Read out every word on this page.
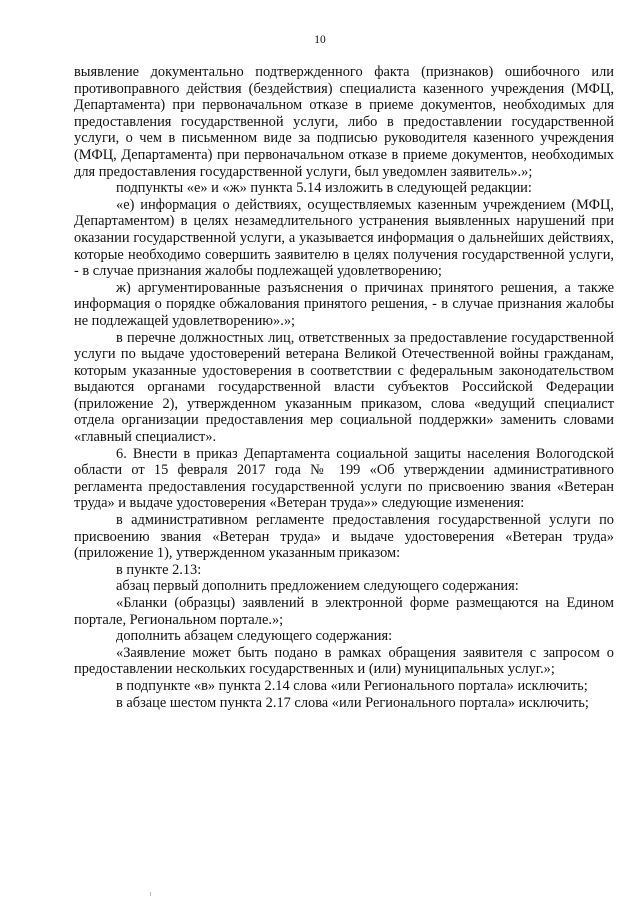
10

выявление документально подтвержденного факта (признаков) ошибочного или противоправного действия (бездействия) специалиста казенного учреждения (МФЦ, Департамента) при первоначальном отказе в приеме документов, необходимых для предоставления государственной услуги, либо в предоставлении государственной услуги, о чем в письменном виде за подписью руководителя казенного учреждения (МФЦ, Департамента) при первоначальном отказе в приеме документов, необходимых для предоставления государственной услуги, был уведомлен заявитель».»;

подпункты «е» и «ж» пункта 5.14 изложить в следующей редакции:

«е) информация о действиях, осуществляемых казенным учреждением (МФЦ, Департаментом) в целях незамедлительного устранения выявленных нарушений при оказании государственной услуги, а указывается информация о дальнейших действиях, которые необходимо совершить заявителю в целях получения государственной услуги, - в случае признания жалобы подлежащей удовлетворению;

ж) аргументированные разъяснения о причинах принятого решения, а также информация о порядке обжалования принятого решения, - в случае признания жалобы не подлежащей удовлетворению».»;

в перечне должностных лиц, ответственных за предоставление государственной услуги по выдаче удостоверений ветерана Великой Отечественной войны гражданам, которым указанные удостоверения в соответствии с федеральным законодательством выдаются органами государственной власти субъектов Российской Федерации (приложение 2), утвержденном указанным приказом, слова «ведущий специалист отдела организации предоставления мер социальной поддержки» заменить словами «главный специалист».

6. Внести в приказ Департамента социальной защиты населения Вологодской области от 15 февраля 2017 года № 199 «Об утверждении административного регламента предоставления государственной услуги по присвоению звания «Ветеран труда» и выдаче удостоверения «Ветеран труда»» следующие изменения:

в административном регламенте предоставления государственной услуги по присвоению звания «Ветеран труда» и выдаче удостоверения «Ветеран труда» (приложение 1), утвержденном указанным приказом:

в пункте 2.13:

абзац первый дополнить предложением следующего содержания:

«Бланки (образцы) заявлений в электронной форме размещаются на Едином портале, Региональном портале.»;

дополнить абзацем следующего содержания:

«Заявление может быть подано в рамках обращения заявителя с запросом о предоставлении нескольких государственных и (или) муниципальных услуг.»;

в подпункте «в» пункта 2.14 слова «или Регионального портала» исключить;

в абзаце шестом пункта 2.17 слова «или Регионального портала» исключить;
